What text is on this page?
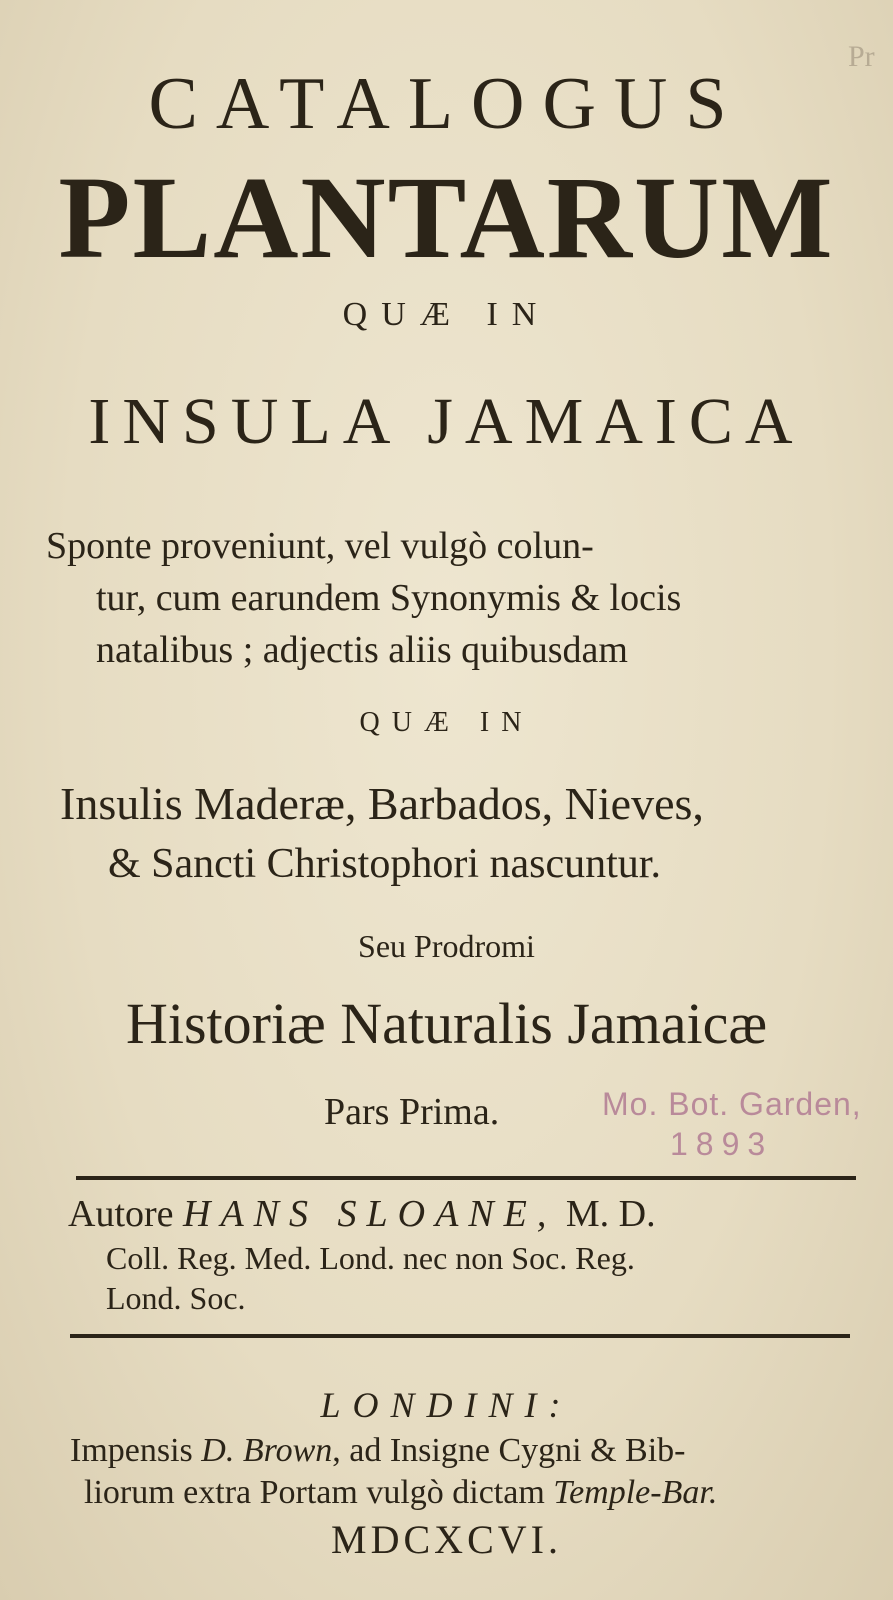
Pr
CATALOGUS
PLANTARUM
QUÆ IN
INSULA JAMAICA
Sponte proveniunt, vel vulgò colun-
tur, cum earundem Synonymis & locis
natalibus ; adjectis aliis quibusdam
QUÆ IN
Insulis Maderæ, Barbados, Nieves,
& Sancti Christophori nascuntur.
Seu Prodromi
Historiæ Naturalis Jamaicæ
Pars Prima.	Mo. Bot. Garden,
1893
Autore HANS SLOANE, M. D.
Coll. Reg. Med. Lond. nec non Soc. Reg.
Lond. Soc.
LONDINI:
Impensis D. Brown, ad Insigne Cygni & Bib-
liorum extra Portam vulgò dictam Temple-Bar.
MDCXCVI.
